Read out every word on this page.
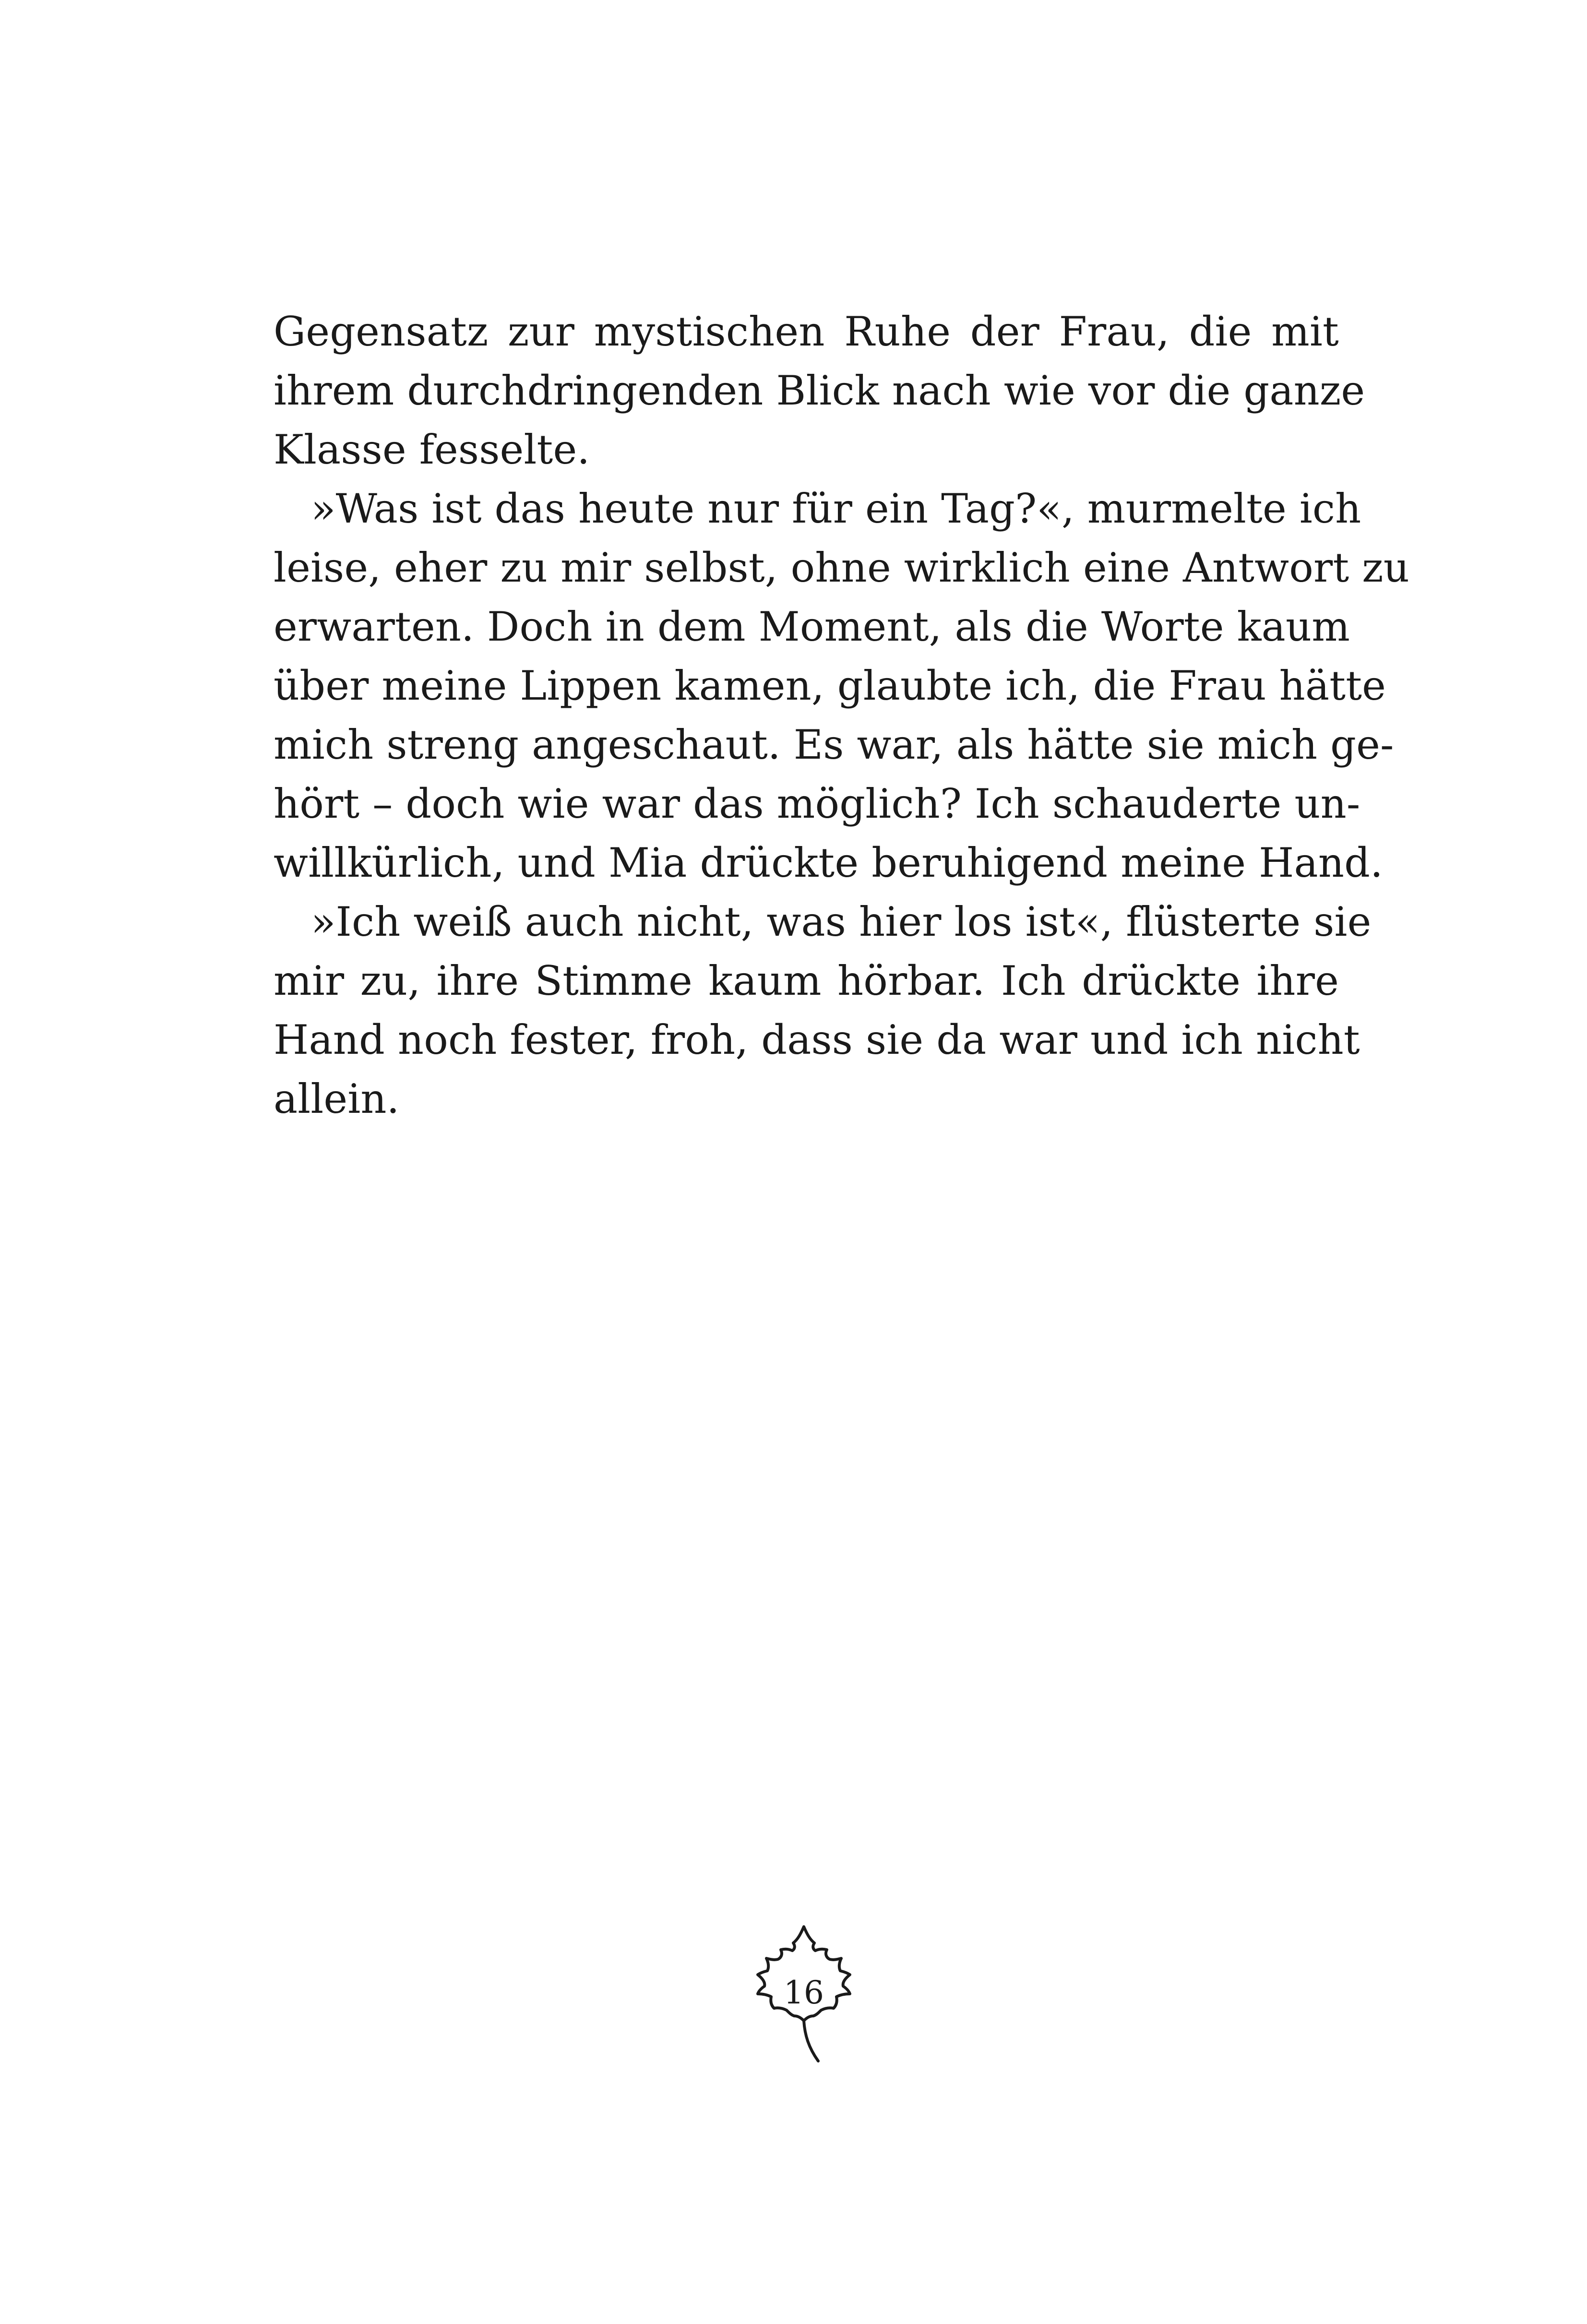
Gegensatz zur mystischen Ruhe der Frau, die mit
ihrem durchdringenden Blick nach wie vor die ganze
Klasse fesselte.
»Was ist das heute nur für ein Tag?«, murmelte ich
leise, eher zu mir selbst, ohne wirklich eine Antwort zu
erwarten. Doch in dem Moment, als die Worte kaum
über meine Lippen kamen, glaubte ich, die Frau hätte
mich streng angeschaut. Es war, als hätte sie mich ge-
hört – doch wie war das möglich? Ich schauderte un-
willkürlich, und Mia drückte beruhigend meine Hand.
»Ich weiß auch nicht, was hier los ist«, flüsterte sie
mir zu, ihre Stimme kaum hörbar. Ich drückte ihre
Hand noch fester, froh, dass sie da war und ich nicht
allein.
16
